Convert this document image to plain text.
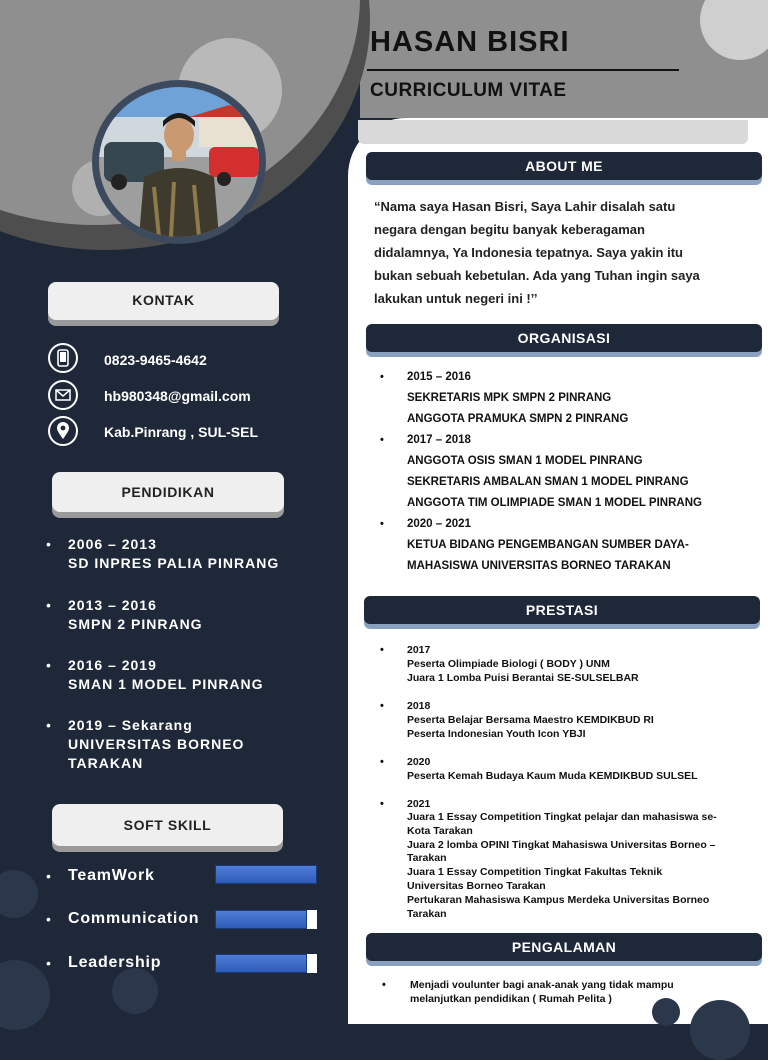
HASAN BISRI
CURRICULUM VITAE
KONTAK
0823-9465-4642
hb980348@gmail.com
Kab.Pinrang , SUL-SEL
PENDIDIKAN
• 2006 – 2013
SD INPRES PALIA PINRANG
• 2013 – 2016
SMPN 2 PINRANG
• 2016 – 2019
SMAN 1 MODEL PINRANG
• 2019 – Sekarang
UNIVERSITAS BORNEO
TARAKAN
SOFT SKILL
• TeamWork
• Communication
• Leadership
ABOUT ME
“Nama saya Hasan Bisri, Saya Lahir disalah satu
negara dengan begitu banyak keberagaman
didalamnya, Ya Indonesia tepatnya. Saya yakin itu
bukan sebuah kebetulan. Ada yang Tuhan ingin saya
lakukan untuk negeri ini !’’
ORGANISASI
• 2015 – 2016
SEKRETARIS MPK SMPN 2 PINRANG
ANGGOTA PRAMUKA SMPN 2 PINRANG
• 2017 – 2018
ANGGOTA OSIS SMAN 1 MODEL PINRANG
SEKRETARIS AMBALAN SMAN 1 MODEL PINRANG
ANGGOTA TIM OLIMPIADE SMAN 1 MODEL PINRANG
• 2020 – 2021
KETUA BIDANG PENGEMBANGAN SUMBER DAYA-
MAHASISWA UNIVERSITAS BORNEO TARAKAN
PRESTASI
• 2017
Peserta Olimpiade Biologi ( BODY ) UNM
Juara 1 Lomba Puisi Berantai SE-SULSELBAR
• 2018
Peserta Belajar Bersama Maestro KEMDIKBUD RI
Peserta Indonesian Youth Icon YBJI
• 2020
Peserta Kemah Budaya Kaum Muda KEMDIKBUD SULSEL
• 2021
Juara 1 Essay Competition Tingkat pelajar dan mahasiswa se-
Kota Tarakan
Juara 2 lomba OPINI Tingkat Mahasiswa Universitas Borneo –
Tarakan
Juara 1 Essay Competition Tingkat Fakultas Teknik
Universitas Borneo Tarakan
Pertukaran Mahasiswa Kampus Merdeka Universitas Borneo
Tarakan
PENGALAMAN
• Menjadi voulunter bagi anak-anak yang tidak mampu
melanjutkan pendidikan ( Rumah Pelita )
